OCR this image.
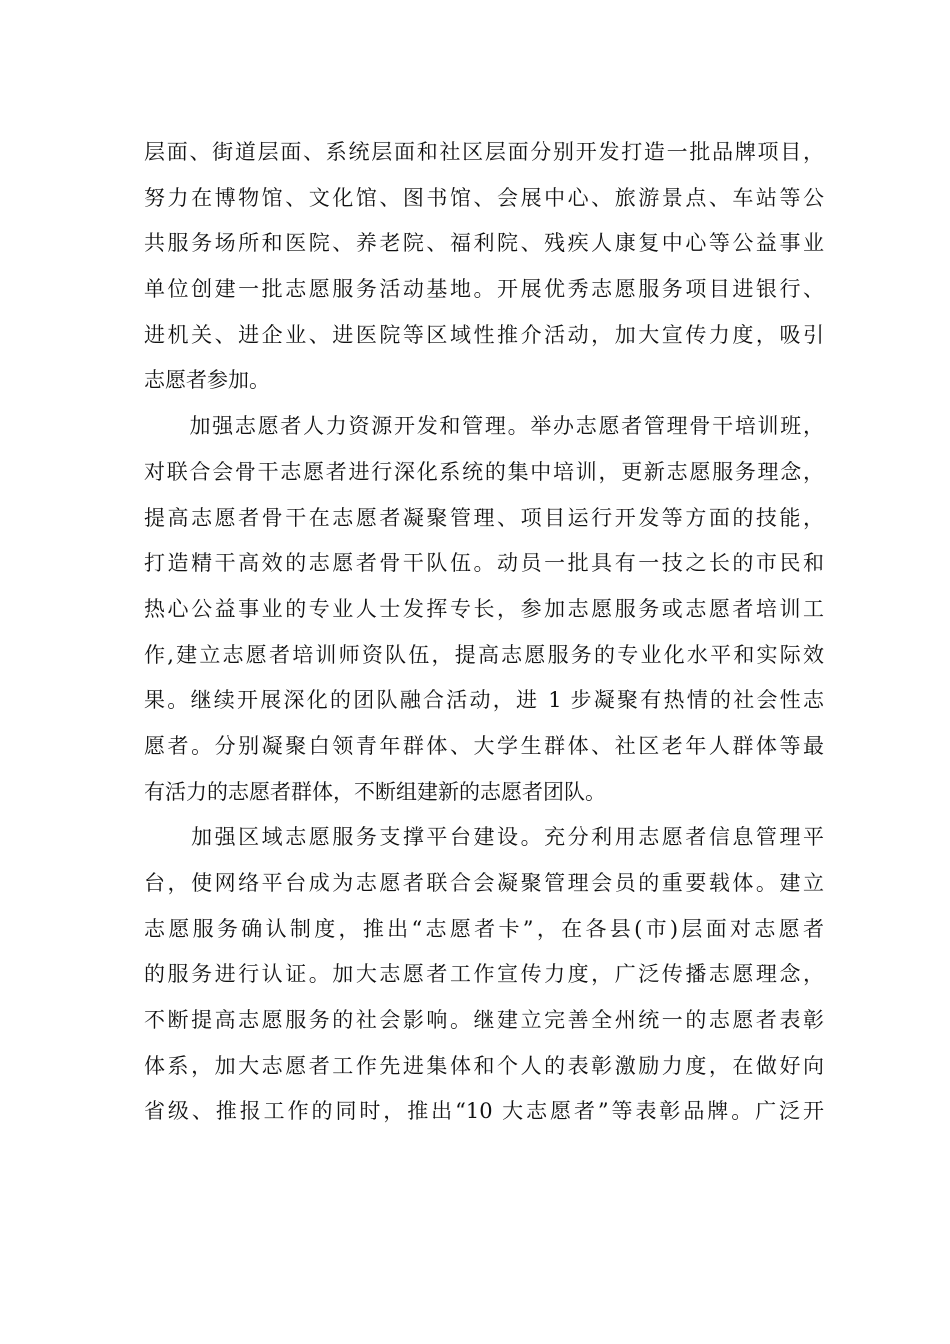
层面、街道层面、系统层面和社区层面分别开发打造一批品牌项目，
努力在博物馆、文化馆、图书馆、会展中心、旅游景点、车站等公
共服务场所和医院、养老院、福利院、残疾人康复中心等公益事业
单位创建一批志愿服务活动基地。开展优秀志愿服务项目进银行、
进机关、进企业、进医院等区域性推介活动，加大宣传力度，吸引
志愿者参加。
　　加强志愿者人力资源开发和管理。举办志愿者管理骨干培训班，
对联合会骨干志愿者进行深化系统的集中培训，更新志愿服务理念，
提高志愿者骨干在志愿者凝聚管理、项目运行开发等方面的技能，
打造精干高效的志愿者骨干队伍。动员一批具有一技之长的市民和
热心公益事业的专业人士发挥专长，参加志愿服务或志愿者培训工
作,建立志愿者培训师资队伍，提高志愿服务的专业化水平和实际效
果。继续开展深化的团队融合活动，进 1 步凝聚有热情的社会性志
愿者。分别凝聚白领青年群体、大学生群体、社区老年人群体等最
有活力的志愿者群体，不断组建新的志愿者团队。
　　加强区域志愿服务支撑平台建设。充分利用志愿者信息管理平
台，使网络平台成为志愿者联合会凝聚管理会员的重要载体。建立
志愿服务确认制度，推出“志愿者卡”，在各县(市)层面对志愿者
的服务进行认证。加大志愿者工作宣传力度，广泛传播志愿理念，
不断提高志愿服务的社会影响。继建立完善全州统一的志愿者表彰
体系，加大志愿者工作先进集体和个人的表彰激励力度，在做好向
省级、推报工作的同时，推出“10 大志愿者”等表彰品牌。广泛开
